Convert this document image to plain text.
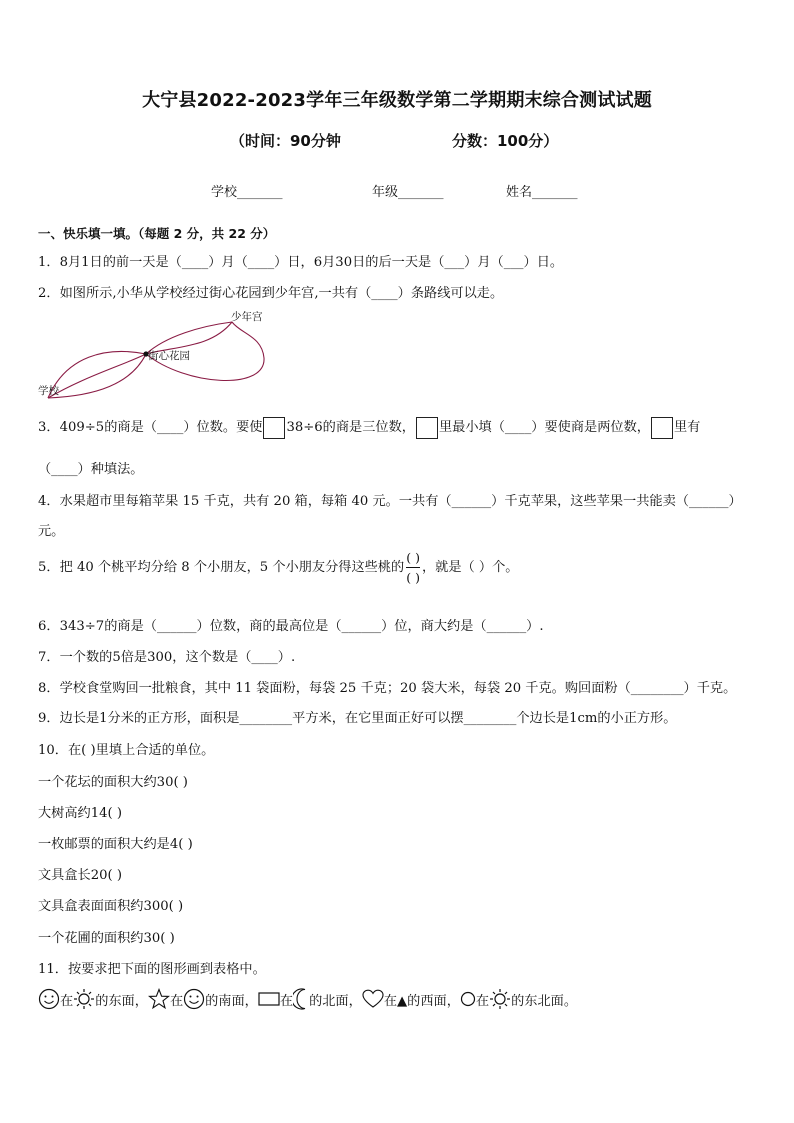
大宁县2022-2023学年三年级数学第二学期期末综合测试试题
（时间：90分钟	分数：100分）
学校_______	年级_______	姓名_______
一、快乐填一填。（每题 2 分，共 22 分）
1．8月1日的前一天是（____）月（____）日，6月30日的后一天是（___）月（___）日。
2．如图所示,小华从学校经过街心花园到少年宫,一共有（____）条路线可以走。
少年宫
街心花园
学校
3．409÷5的商是（____）位数。要使 38÷6的商是三位数， 里最小填（____）要使商是两位数， 里有
（____）种填法。
4．水果超市里每箱苹果 15 千克，共有 20 箱，每箱 40 元。一共有（______）千克苹果，这些苹果一共能卖（______）
元。
5．把 40 个桃平均分给 8 个小朋友，5 个小朋友分得这些桃的 $\frac{( )}{( )}$ ，就是（ ）个。
6．343÷7的商是（______）位数，商的最高位是（______）位，商大约是（______）.
7．一个数的5倍是300，这个数是（____）.
8．学校食堂购回一批粮食，其中 11 袋面粉，每袋 25 千克；20 袋大米，每袋 20 千克。购回面粉（________）千克。
9．边长是1分米的正方形，面积是________平方米，在它里面正好可以摆________个边长是1cm的小正方形。
10．在( )里填上合适的单位。
一个花坛的面积大约30( )
大树高约14( )
一枚邮票的面积大约是4( )
文具盒长20( )
文具盒表面面积约300( )
一个花圃的面积约30( )
11．按要求把下面的图形画到表格中。
在 的东面， 在 的南面， 在 的北面， 在▲的西面， 在 的东北面。
